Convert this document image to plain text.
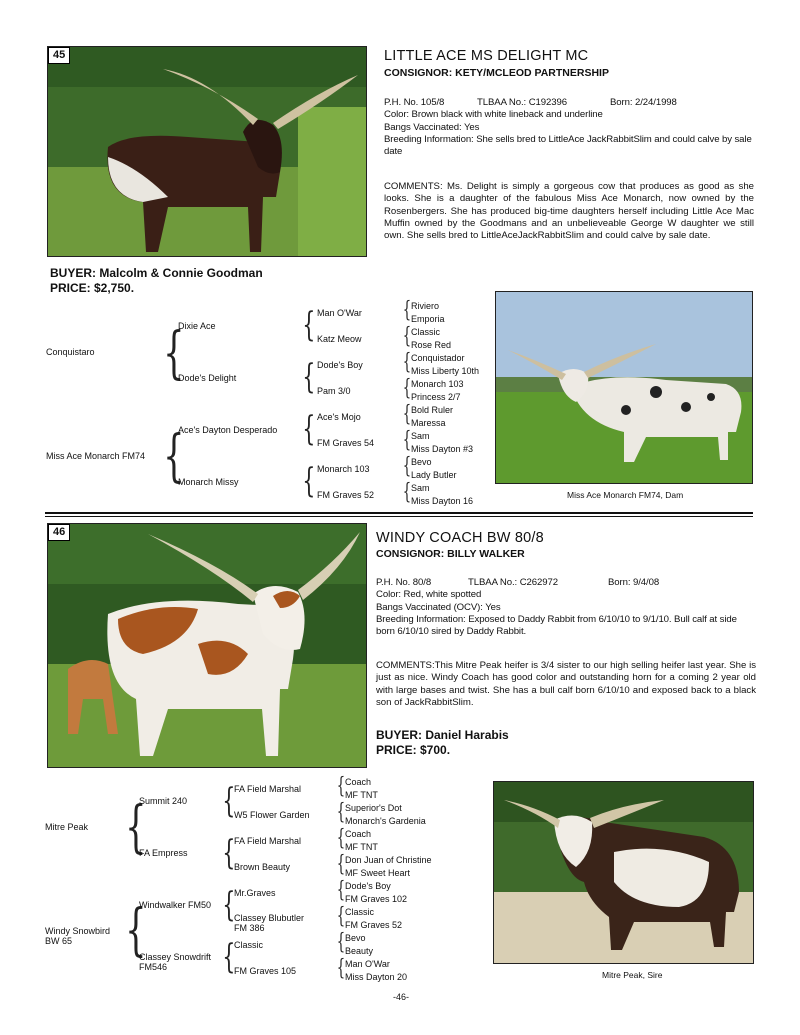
45	LITTLE ACE MS DELIGHT MC
CONSIGNOR: KETY/MCLEOD PARTNERSHIP

P.H. No. 105/8	TLBAA No.: C192396	Born: 2/24/1998

Color: Brown black with white lineback and underline

Bangs Vaccinated: Yes

Breeding Information: She sells bred to LittleAce JackRabbitSlim and could calve by sale date

COMMENTS: Ms. Delight is simply a gorgeous cow that produces as good as she looks. She is a daughter of the fabulous Miss Ace Monarch, now owned by the Rosenbergers. She has produced big-time daughters herself including Little Ace Mac Muffin owned by the Goodmans and an unbelieveable George W daughter we still own. She sells bred to LittleAceJackRabbitSlim and could calve by sale date.
BUYER: Malcolm & Connie Goodman
PRICE: $2,750.
Conquistaro
Miss Ace Monarch FM74
{
{
Dixie Ace
Dode's Delight
Ace's Dayton Desperado
Monarch Missy
{
{
{
{
Man O'War
Katz Meow
Dode's Boy
Pam 3/0
Ace's Mojo
FM Graves 54
Monarch 103
FM Graves 52
{
{
{
{
{
{
{
{
Riviero
Emporia
Classic
Rose Red
Conquistador
Miss Liberty 10th
Monarch 103
Princess 2/7
Bold Ruler
Maressa
Sam
Miss Dayton #3
Bevo
Lady Butler
Sam
Miss Dayton 16
Miss Ace Monarch FM74, Dam
46	WINDY COACH BW 80/8
CONSIGNOR: BILLY WALKER

P.H. No. 80/8	TLBAA No.: C262972	Born: 9/4/08

Color: Red, white spotted

Bangs Vaccinated (OCV): Yes

Breeding Information: Exposed to Daddy Rabbit from 6/10/10 to 9/1/10. Bull calf at side born 6/10/10 sired by Daddy Rabbit.

COMMENTS:This Mitre Peak heifer is 3/4 sister to our high selling heifer last year. She is just as nice. Windy Coach has good color and outstanding horn for a coming 2 year old with large bases and twist. She has a bull calf born 6/10/10 and exposed back to a black son of JackRabbitSlim.
BUYER: Daniel Harabis
PRICE: $700.
Mitre Peak
Windy Snowbird BW 65
{
{
Summit 240
FA Empress
Windwalker FM50
Classey Snowdrift FM546
{
{
{
{
FA Field Marshal
W5 Flower Garden
FA Field Marshal
Brown Beauty
Mr.Graves
Classey Blubutler FM 386
Classic
FM Graves 105
{
{
{
{
{
{
{
{
Coach
MF TNT
Superior's Dot
Monarch's Gardenia
Coach
MF TNT
Don Juan of Christine
MF Sweet Heart
Dode's Boy
FM Graves 102
Classic
FM Graves 52
Bevo
Beauty
Man O'War
Miss Dayton 20	Mitre Peak, Sire
-46-
